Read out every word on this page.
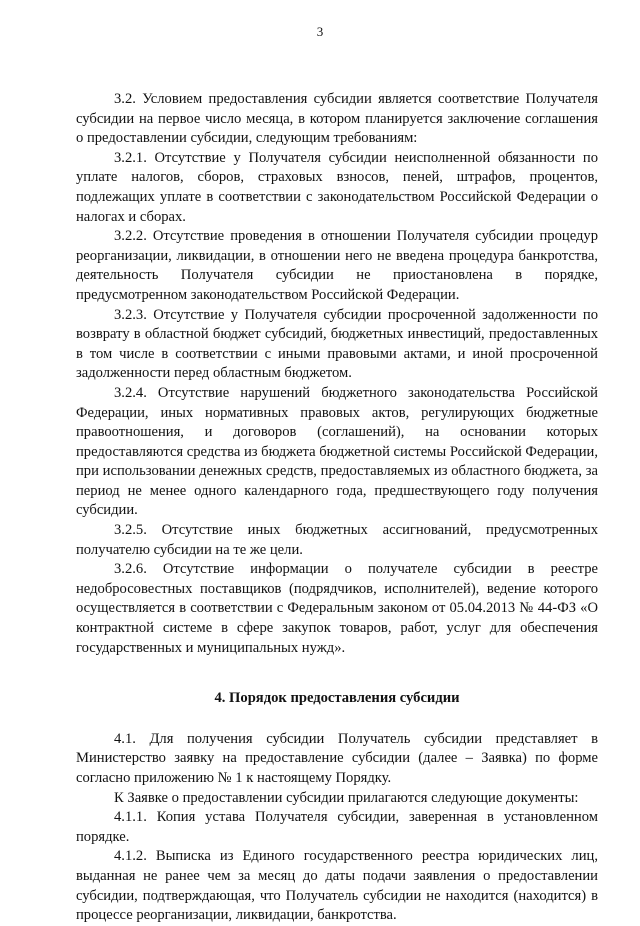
3

3.2. Условием предоставления субсидии является соответствие Получателя субсидии на первое число месяца, в котором планируется заключение соглашения о предоставлении субсидии, следующим требованиям:

3.2.1. Отсутствие у Получателя субсидии неисполненной обязанности по уплате налогов, сборов, страховых взносов, пеней, штрафов, процентов, подлежащих уплате в соответствии с законодательством Российской Федерации о налогах и сборах.

3.2.2. Отсутствие проведения в отношении Получателя субсидии процедур реорганизации, ликвидации, в отношении него не введена процедура банкротства, деятельность Получателя субсидии не приостановлена в порядке, предусмотренном законодательством Российской Федерации.

3.2.3. Отсутствие у Получателя субсидии просроченной задолженности по возврату в областной бюджет субсидий, бюджетных инвестиций, предоставленных в том числе в соответствии с иными правовыми актами, и иной просроченной задолженности перед областным бюджетом.

3.2.4. Отсутствие нарушений бюджетного законодательства Российской Федерации, иных нормативных правовых актов, регулирующих бюджетные правоотношения, и договоров (соглашений), на основании которых предоставляются средства из бюджета бюджетной системы Российской Федерации, при использовании денежных средств, предоставляемых из областного бюджета, за период не менее одного календарного года, предшествующего году получения субсидии.

3.2.5. Отсутствие иных бюджетных ассигнований, предусмотренных получателю субсидии на те же цели.

3.2.6. Отсутствие информации о получателе субсидии в реестре недобросовестных поставщиков (подрядчиков, исполнителей), ведение которого осуществляется в соответствии с Федеральным законом от 05.04.2013 № 44-ФЗ «О контрактной системе в сфере закупок товаров, работ, услуг для обеспечения государственных и муниципальных нужд».

4. Порядок предоставления субсидии

4.1. Для получения субсидии Получатель субсидии представляет в Министерство заявку на предоставление субсидии (далее – Заявка) по форме согласно приложению № 1 к настоящему Порядку.

К Заявке о предоставлении субсидии прилагаются следующие документы:

4.1.1. Копия устава Получателя субсидии, заверенная в установленном порядке.

4.1.2. Выписка из Единого государственного реестра юридических лиц, выданная не ранее чем за месяц до даты подачи заявления о предоставлении субсидии, подтверждающая, что Получатель субсидии не находится (находится) в процессе реорганизации, ликвидации, банкротства.
